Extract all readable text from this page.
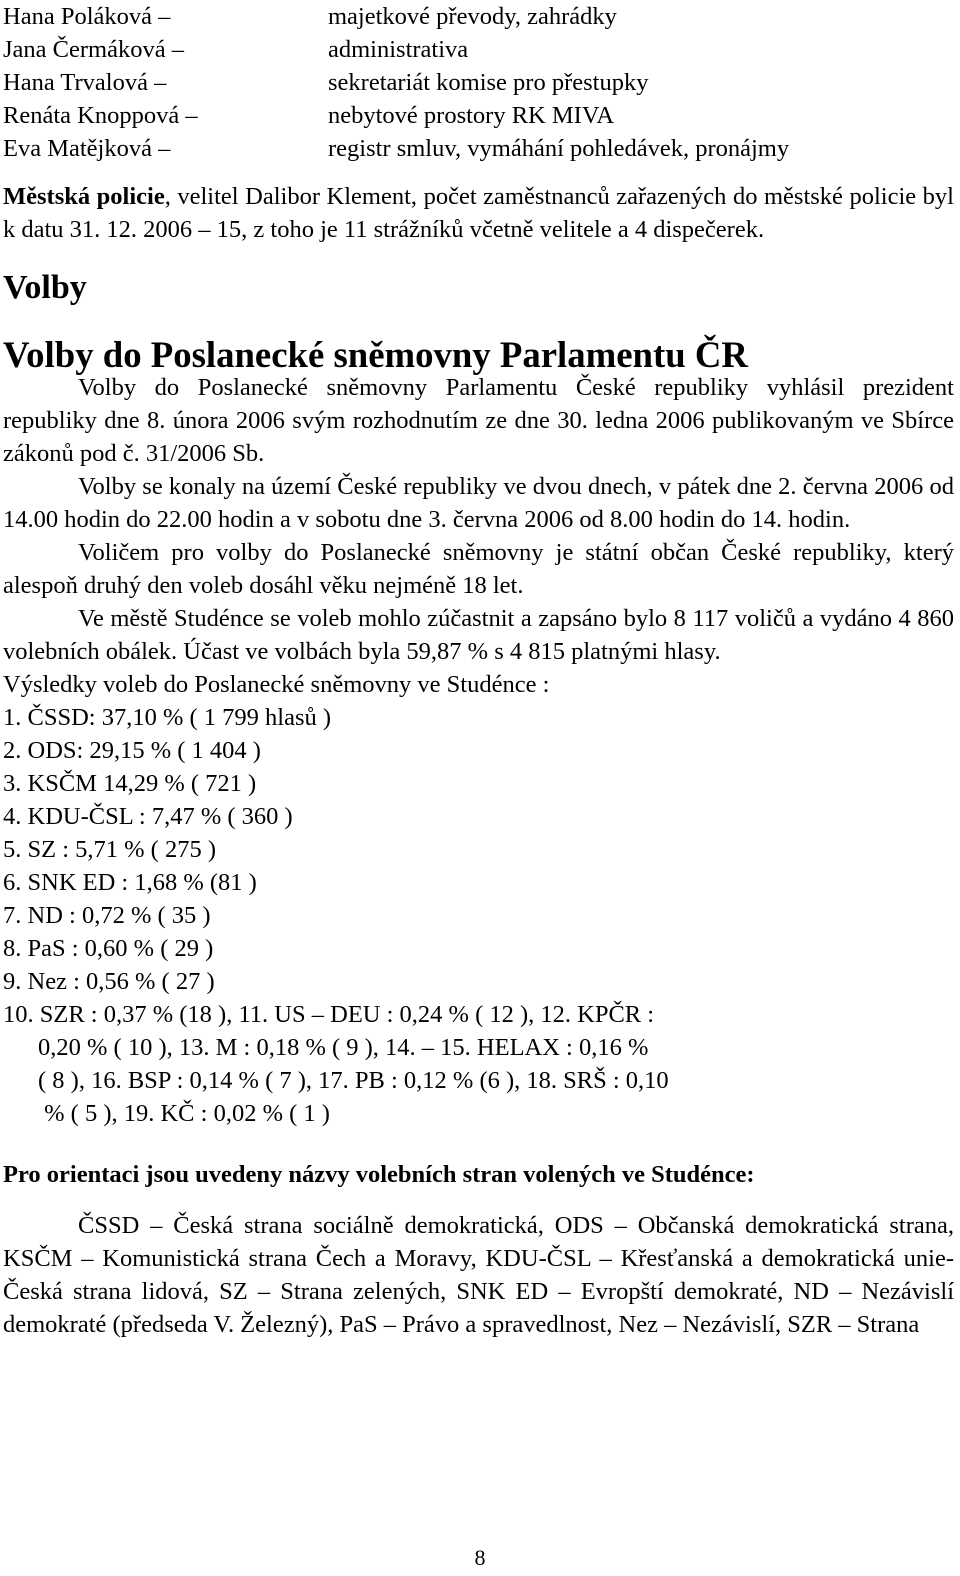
Hana Poláková –	majetkové převody, zahrádky
Jana Čermáková –	administrativa
Hana Trvalová –	sekretariát komise pro přestupky
Renáta Knoppová –	nebytové prostory RK MIVA
Eva Matějková –	registr smluv, vymáhání pohledávek, pronájmy

Městská policie, velitel Dalibor Klement, počet zaměstnanců zařazených do městské policie byl k datu 31. 12. 2006 – 15, z toho je 11 strážníků včetně velitele a 4 dispečerek.

Volby
Volby do Poslanecké sněmovny Parlamentu ČR

Volby do Poslanecké sněmovny Parlamentu České republiky vyhlásil prezident republiky dne 8. února 2006 svým rozhodnutím ze dne 30. ledna 2006 publikovaným ve Sbírce zákonů pod č. 31/2006 Sb.

Volby se konaly na území České republiky ve dvou dnech, v pátek dne 2. června 2006 od 14.00 hodin do 22.00 hodin a v sobotu dne 3. června 2006 od 8.00 hodin do 14. hodin.

Voličem pro volby do Poslanecké sněmovny je státní občan České republiky, který alespoň druhý den voleb dosáhl věku nejméně 18 let.

Ve městě Studénce se voleb mohlo zúčastnit a zapsáno bylo 8 117 voličů a vydáno 4 860 volebních obálek. Účast ve volbách byla 59,87 % s 4 815 platnými hlasy.

Výsledky voleb do Poslanecké sněmovny ve Studénce :

1. ČSSD: 37,10 % ( 1 799 hlasů )
2. ODS: 29,15 % ( 1 404 )
3. KSČM 14,29 % ( 721 )
4. KDU-ČSL : 7,47 % ( 360 )
5. SZ : 5,71 % ( 275 )
6. SNK ED : 1,68 % (81 )
7. ND : 0,72 % ( 35 )
8. PaS : 0,60 % ( 29 )
9. Nez : 0,56 % ( 27 )
10. SZR : 0,37 % (18 ), 11. US – DEU : 0,24 % ( 12 ), 12. KPČR :
0,20 % ( 10 ), 13. M : 0,18 % ( 9 ), 14. – 15. HELAX : 0,16 %
( 8 ), 16. BSP : 0,14 % ( 7 ), 17. PB : 0,12 % (6 ), 18. SRŠ : 0,10
% ( 5 ), 19. KČ : 0,02 % ( 1 )

Pro orientaci jsou uvedeny názvy volebních stran volených ve Studénce:

ČSSD – Česká strana sociálně demokratická, ODS – Občanská demokratická strana, KSČM – Komunistická strana Čech a Moravy, KDU-ČSL – Křesťanská a demokratická unie-Česká strana lidová, SZ – Strana zelených, SNK ED – Evropští demokraté, ND – Nezávislí demokraté (předseda V. Železný), PaS – Právo a spravedlnost, Nez – Nezávislí, SZR – Strana

8
